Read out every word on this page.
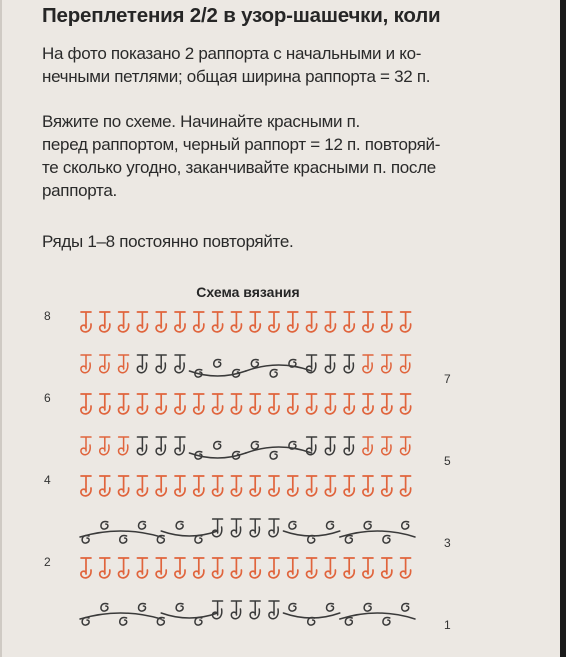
Переплетения 2/2 в узор-шашечки, коли

На фото показано 2 раппорта с начальными и ко-
нечными петлями; общая ширина раппорта = 32 п.

Вяжите по схеме. Начинайте красными п.
перед раппортом, черный раппорт = 12 п. повторяй-
те сколько угодно, заканчивайте красными п. после
раппорта.

Ряды 1–8 постоянно повторяйте.

Схема вязания
8
7
6
5
4
3
2
1
